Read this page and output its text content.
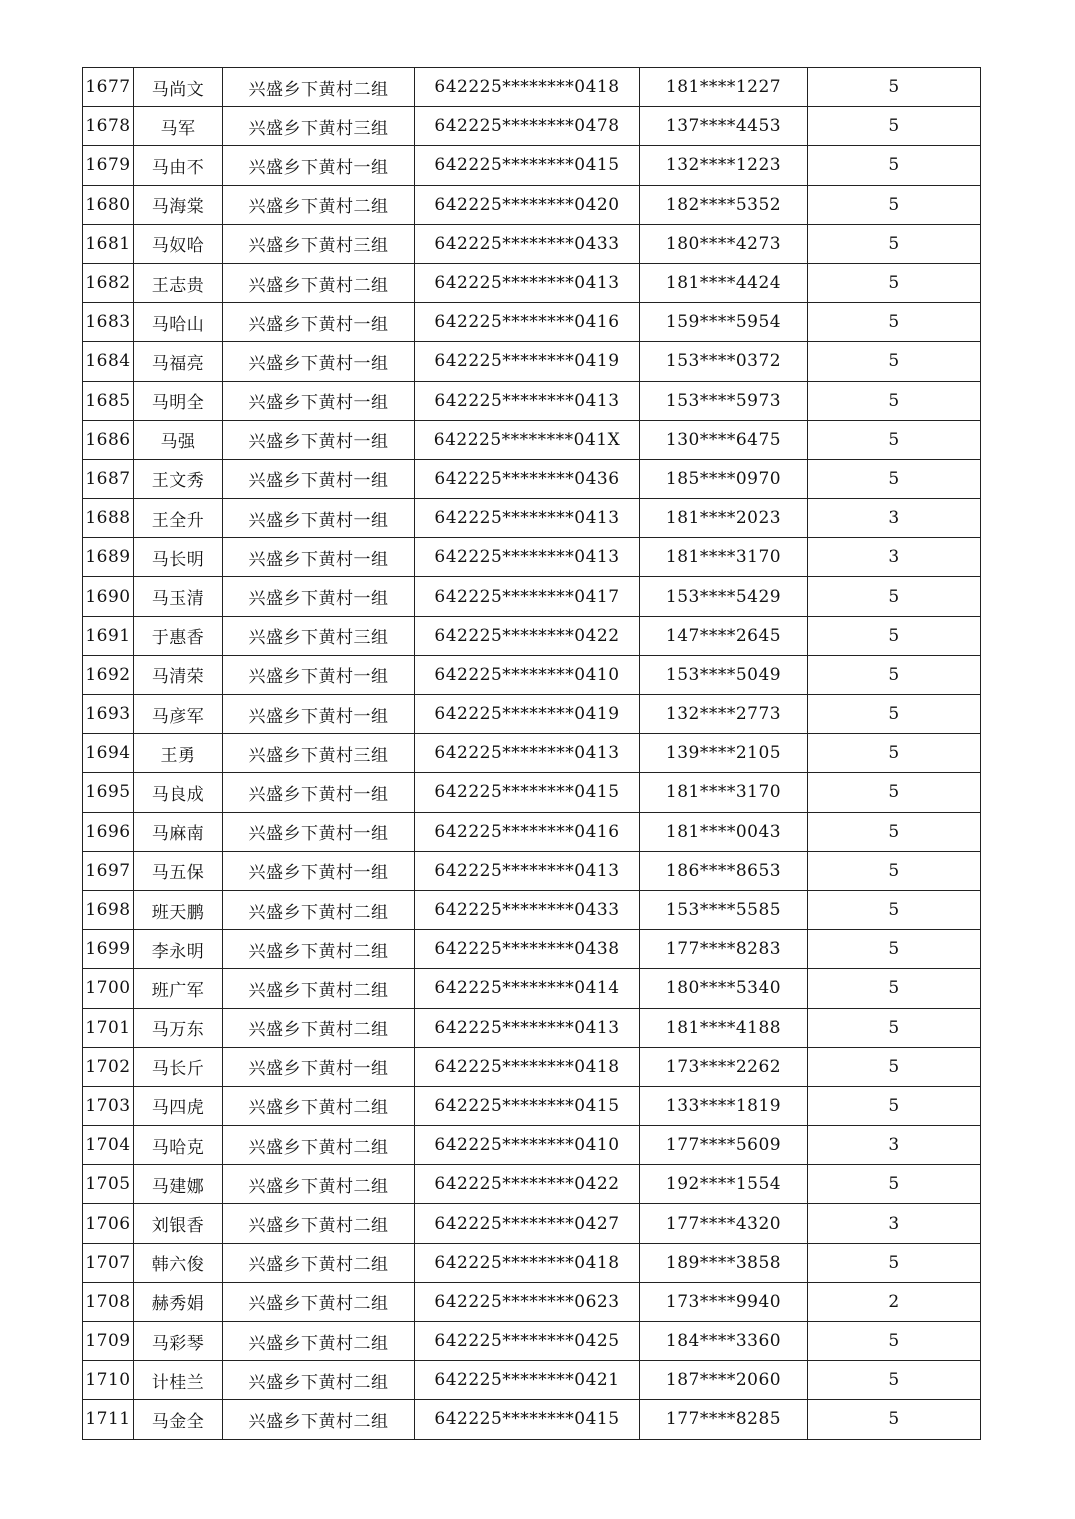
1677	马尚文	兴盛乡下黄村二组	642225********0418	181****1227	5
1678	马军	兴盛乡下黄村三组	642225********0478	137****4453	5
1679	马由不	兴盛乡下黄村一组	642225********0415	132****1223	5
1680	马海棠	兴盛乡下黄村二组	642225********0420	182****5352	5
1681	马奴哈	兴盛乡下黄村三组	642225********0433	180****4273	5
1682	王志贵	兴盛乡下黄村二组	642225********0413	181****4424	5
1683	马哈山	兴盛乡下黄村一组	642225********0416	159****5954	5
1684	马福亮	兴盛乡下黄村一组	642225********0419	153****0372	5
1685	马明全	兴盛乡下黄村一组	642225********0413	153****5973	5
1686	马强	兴盛乡下黄村一组	642225********041X	130****6475	5
1687	王文秀	兴盛乡下黄村一组	642225********0436	185****0970	5
1688	王全升	兴盛乡下黄村一组	642225********0413	181****2023	3
1689	马长明	兴盛乡下黄村一组	642225********0413	181****3170	3
1690	马玉清	兴盛乡下黄村一组	642225********0417	153****5429	5
1691	于惠香	兴盛乡下黄村三组	642225********0422	147****2645	5
1692	马清荣	兴盛乡下黄村一组	642225********0410	153****5049	5
1693	马彦军	兴盛乡下黄村一组	642225********0419	132****2773	5
1694	王勇	兴盛乡下黄村三组	642225********0413	139****2105	5
1695	马良成	兴盛乡下黄村一组	642225********0415	181****3170	5
1696	马麻南	兴盛乡下黄村一组	642225********0416	181****0043	5
1697	马五保	兴盛乡下黄村一组	642225********0413	186****8653	5
1698	班天鹏	兴盛乡下黄村二组	642225********0433	153****5585	5
1699	李永明	兴盛乡下黄村二组	642225********0438	177****8283	5
1700	班广军	兴盛乡下黄村二组	642225********0414	180****5340	5
1701	马万东	兴盛乡下黄村二组	642225********0413	181****4188	5
1702	马长斤	兴盛乡下黄村一组	642225********0418	173****2262	5
1703	马四虎	兴盛乡下黄村二组	642225********0415	133****1819	5
1704	马哈克	兴盛乡下黄村二组	642225********0410	177****5609	3
1705	马建娜	兴盛乡下黄村二组	642225********0422	192****1554	5
1706	刘银香	兴盛乡下黄村二组	642225********0427	177****4320	3
1707	韩六俊	兴盛乡下黄村二组	642225********0418	189****3858	5
1708	赫秀娟	兴盛乡下黄村二组	642225********0623	173****9940	2
1709	马彩琴	兴盛乡下黄村二组	642225********0425	184****3360	5
1710	计桂兰	兴盛乡下黄村二组	642225********0421	187****2060	5
1711	马金全	兴盛乡下黄村二组	642225********0415	177****8285	5
